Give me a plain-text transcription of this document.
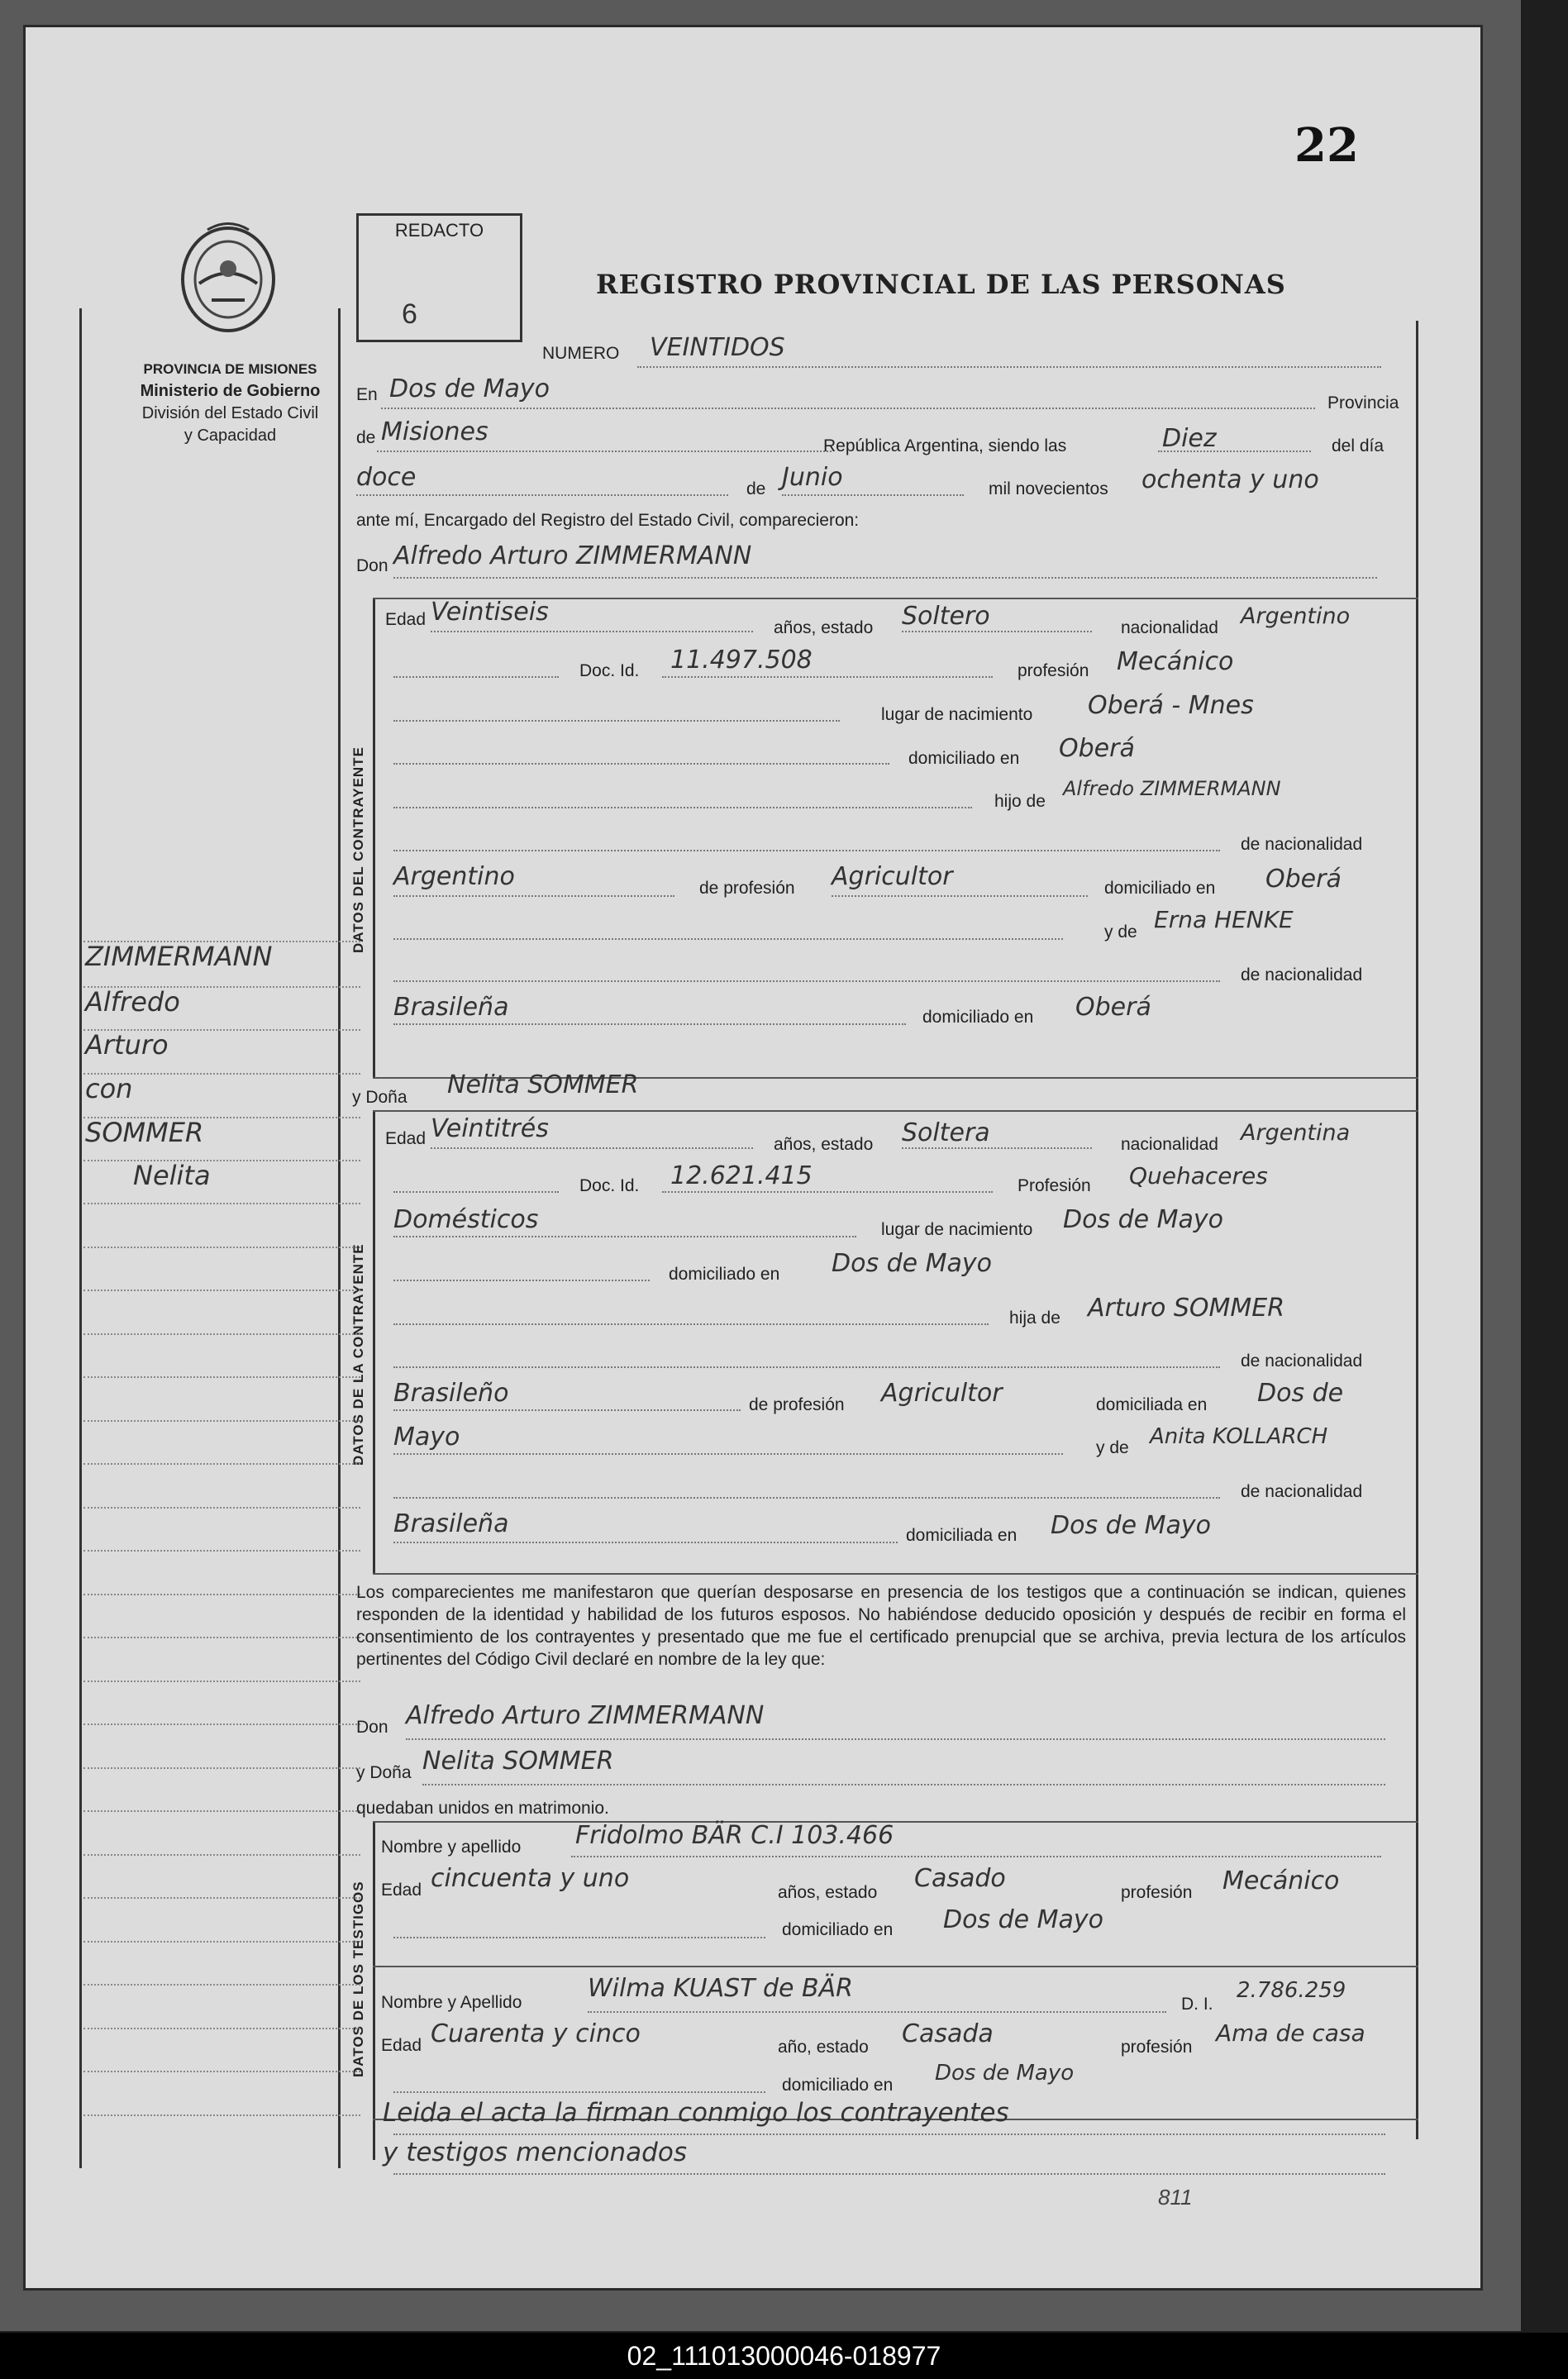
22
PROVINCIA DE MISIONES
Ministerio de Gobierno
División del Estado Civil
y Capacidad
REDACTO
6
REGISTRO PROVINCIAL DE LAS PERSONAS
DATOS DEL CONTRAYENTE
DATOS DE LA CONTRAYENTE
DATOS DE LOS TESTIGOS
ZIMMERMANN
Alfredo
Arturo
con
SOMMER
Nelita
NUMERO VEINTIDOS
En Dos de Mayo	Provincia
de Misiones	República Argentina, siendo las	Diez	del día
doce	de Junio	mil novecientos ochenta y uno
ante mí, Encargado del Registro del Estado Civil, comparecieron:
Don Alfredo Arturo ZIMMERMANN
Edad Veintiseis
años, estado Soltero	nacionalidad Argentino
Doc. Id. 11.497.508	profesión Mecánico
lugar de nacimiento Oberá - Mnes
domiciliado en Oberá
hijo de
Alfredo ZIMMERMANN
de nacionalidad
Argentino	de profesión Agricultor	domiciliado en Oberá
y de Erna HENKE
de nacionalidad
Brasileña	domiciliado en Oberá
y Doña Nelita SOMMER
Edad Veintitrés
años, estado Soltera	nacionalidad Argentina
Doc. Id. 12.621.415	Profesión Quehaceres
Domésticos	lugar de nacimiento Dos de Mayo
domiciliado en Dos de Mayo
hija de Arturo SOMMER
de nacionalidad
Brasileño	de profesión Agricultor	domiciliada en Dos de
Mayo	y de Anita KOLLARCH
de nacionalidad
Brasileña	domiciliada en Dos de Mayo
Los comparecientes me manifestaron que querían desposarse en presencia de los testigos que a continuación se indican, quienes responden de la identidad y habilidad de los futuros esposos. No habiéndose deducido oposición y después de recibir en forma el consentimiento de los contrayentes y presentado que me fue el certificado prenupcial que se archiva, previa lectura de los artículos pertinentes del Código Civil declaré en nombre de la ley que:
Don Alfredo Arturo ZIMMERMANN
y Doña Nelita SOMMER
quedaban unidos en matrimonio.
Nombre y apellido Fridolmo BÄR C.I 103.466
Edad cincuenta y uno	años, estado Casado	profesión Mecánico
domiciliado en Dos de Mayo
Nombre y Apellido	Wilma KUAST de BÄR
D. I.
2.786.259
Edad Cuarenta y cinco	año, estado Casada	profesión
Ama de casa
domiciliado en Dos de Mayo
Leida el acta la firman conmigo los contrayentes
y testigos mencionados
811
02_111013000046-018977
